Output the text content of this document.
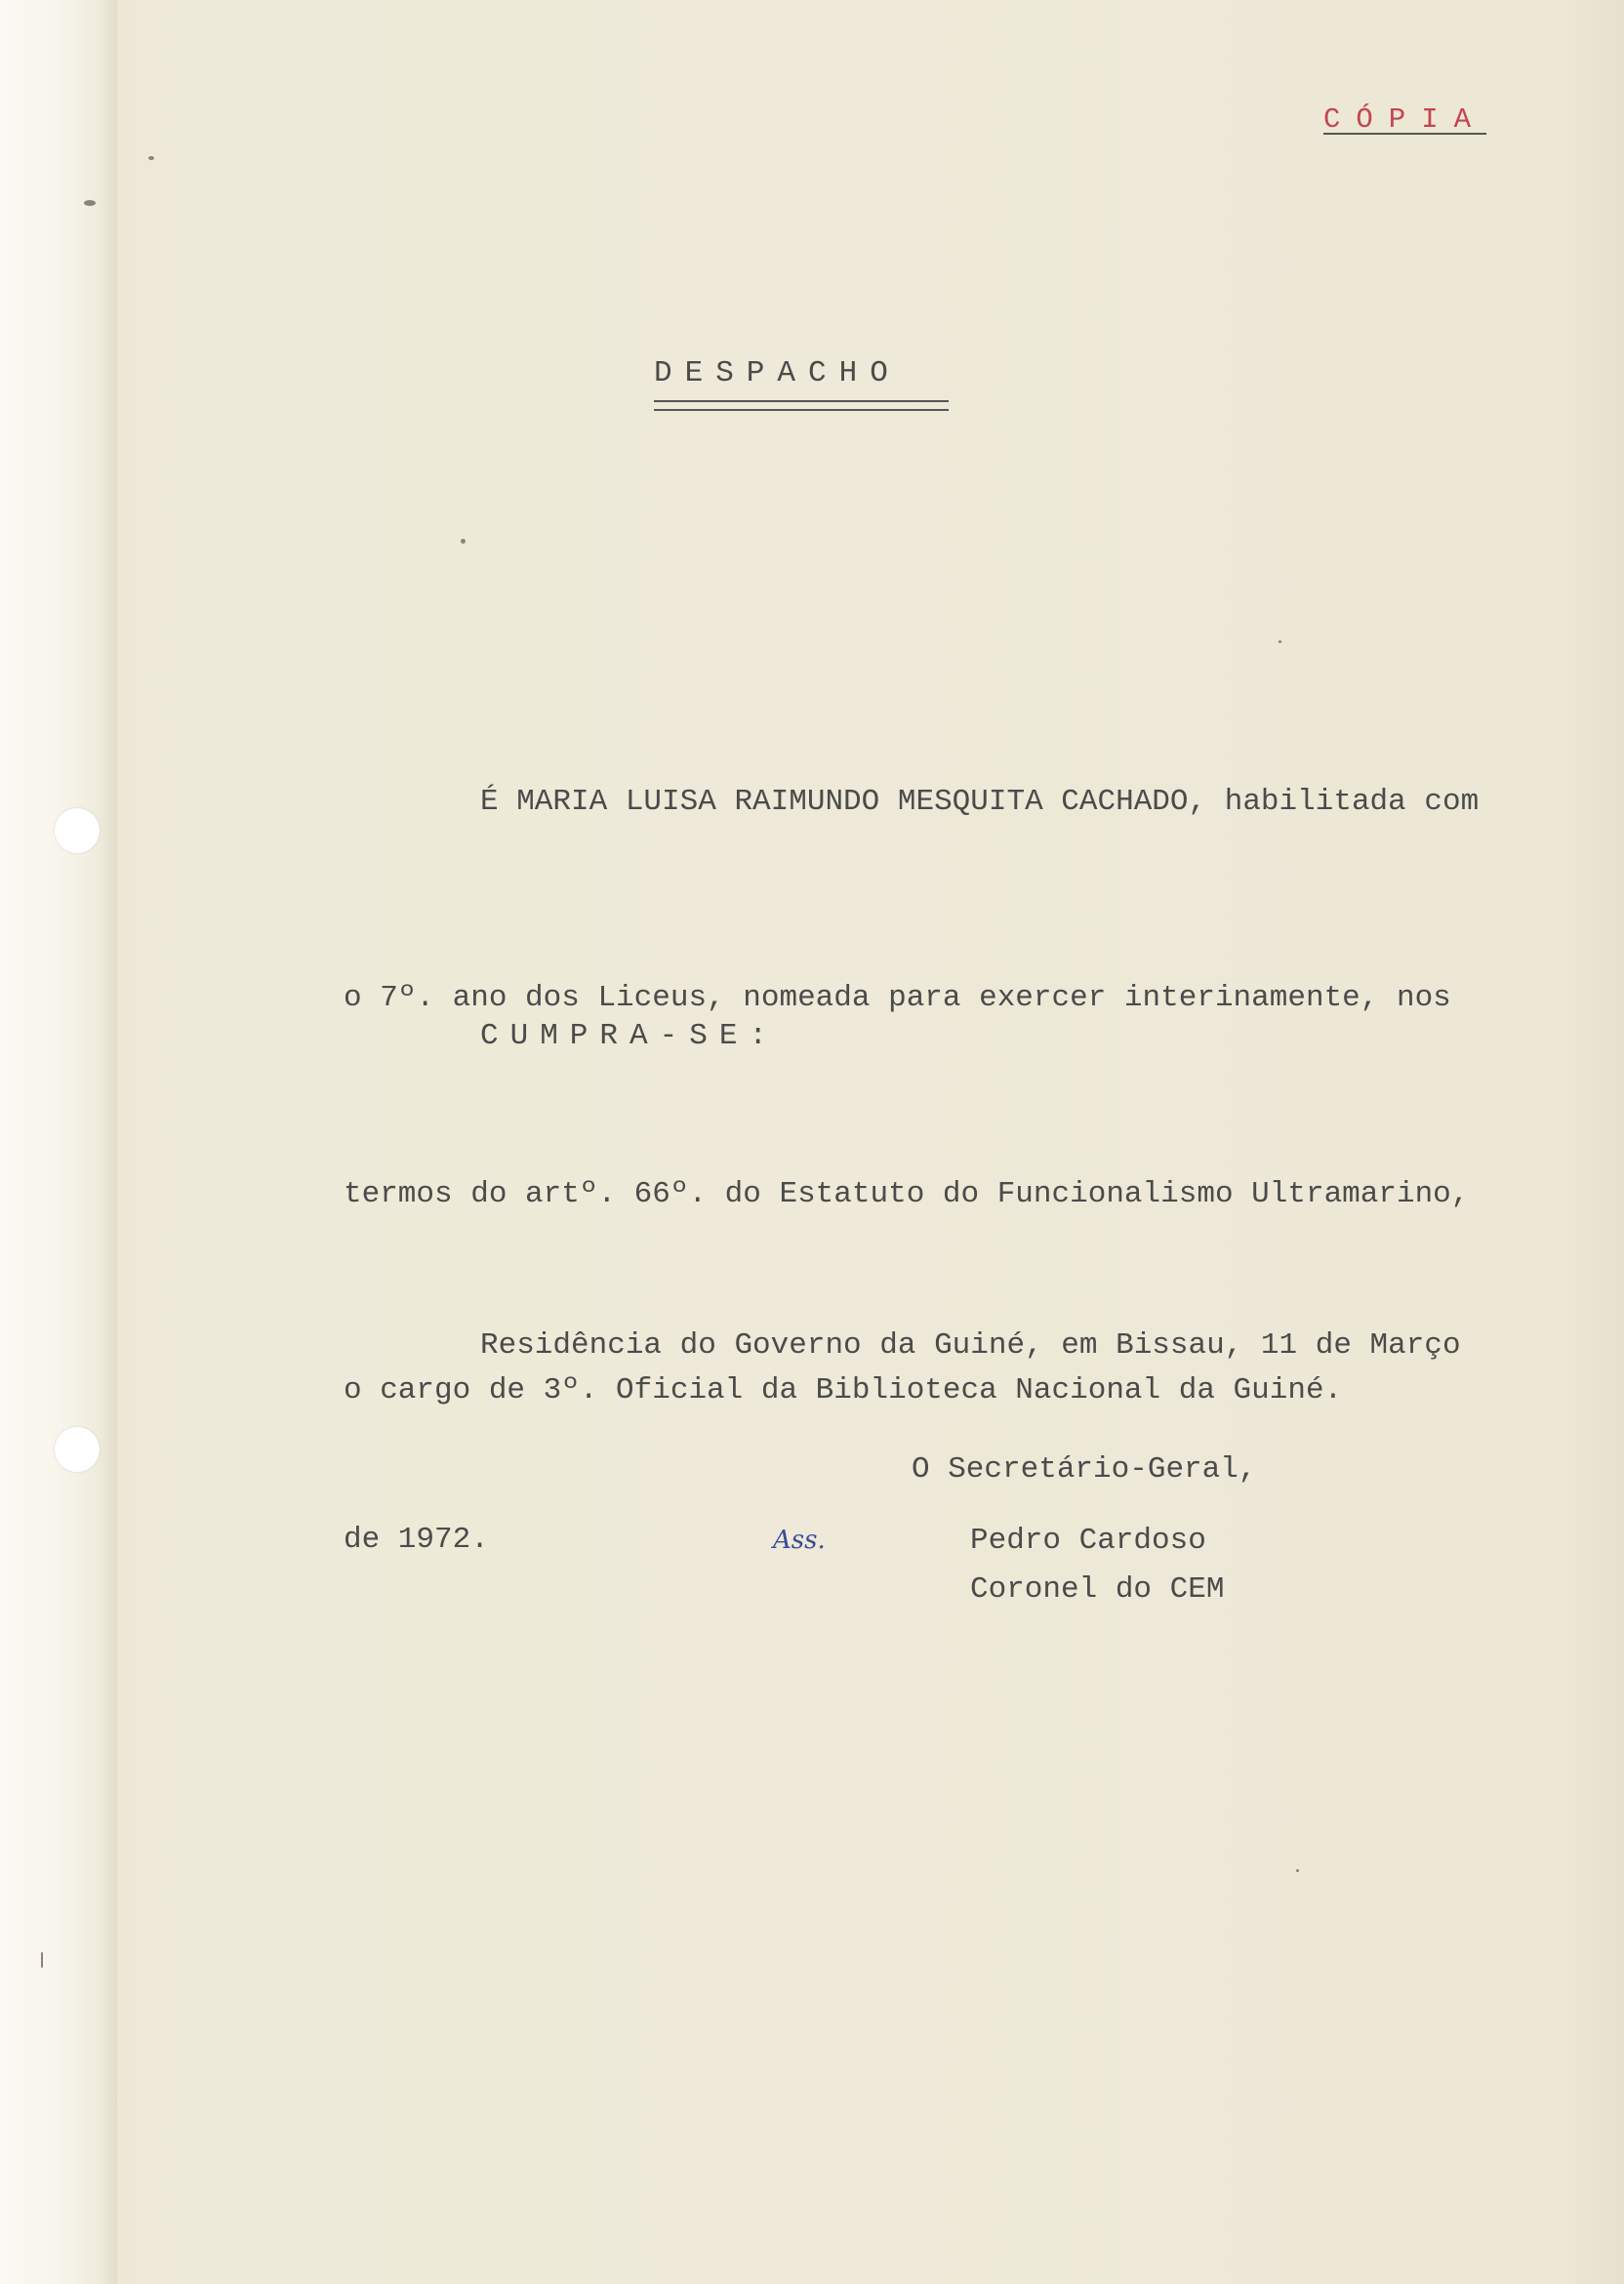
CÓPIA
DESPACHO

É MARIA LUISA RAIMUNDO MESQUITA CACHADO, habilitada com

o 7º. ano dos Liceus, nomeada para exercer interinamente, nos

termos do artº. 66º. do Estatuto do Funcionalismo Ultramarino,

o cargo de 3º. Oficial da Biblioteca Nacional da Guiné.

CUMPRA-SE:

Residência do Governo da Guiné, em Bissau, 11 de Março

de 1972.

O Secretário-Geral,
Ass.	Pedro Cardoso
Coronel do CEM
